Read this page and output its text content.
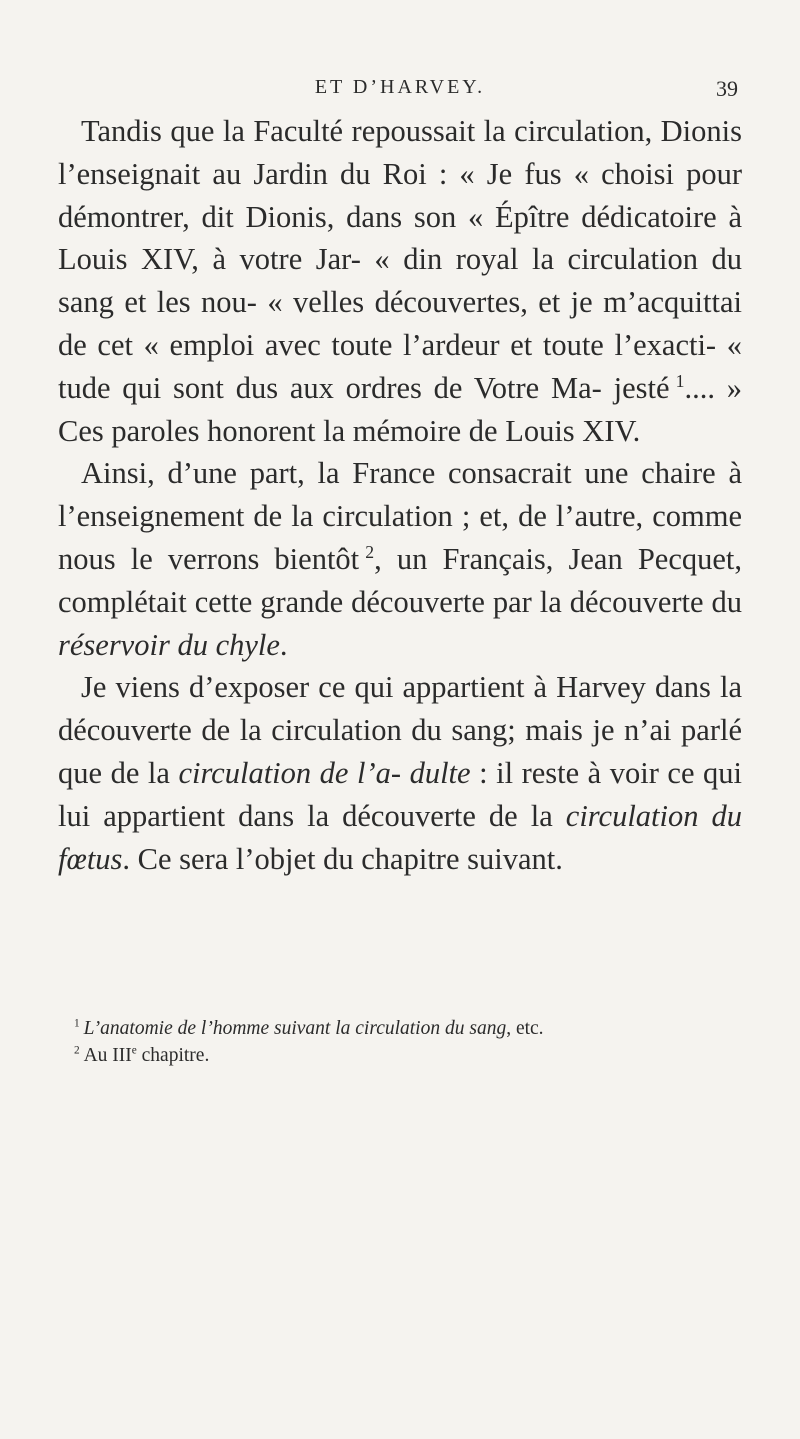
ET D’HARVEY.	39

Tandis que la Faculté repoussait la circulation, Dionis l’enseignait au Jardin du Roi : « Je fus « choisi pour démontrer, dit Dionis, dans son « Épître dédicatoire à Louis XIV, à votre Jar- « din royal la circulation du sang et les nou- « velles découvertes, et je m’acquittai de cet « emploi avec toute l’ardeur et toute l’exacti- « tude qui sont dus aux ordres de Votre Ma- jesté  $^1$.... » Ces paroles honorent la mémoire de Louis XIV.

Ainsi, d’une part, la France consacrait une chaire à l’enseignement de la circulation ; et, de l’autre, comme nous le verrons bientôt  $^2$, un Français, Jean Pecquet, complétait cette grande découverte par la découverte du réservoir du chyle.

Je viens d’exposer ce qui appartient à Harvey dans la découverte de la circulation du sang; mais je n’ai parlé que de la circulation de l’a- dulte : il reste à voir ce qui lui appartient dans la découverte de la circulation du fœtus. Ce sera l’objet du chapitre suivant.

$^1$  L’anatomie de l’homme suivant la circulation du sang, etc.

$^2$  Au IIIe chapitre.
